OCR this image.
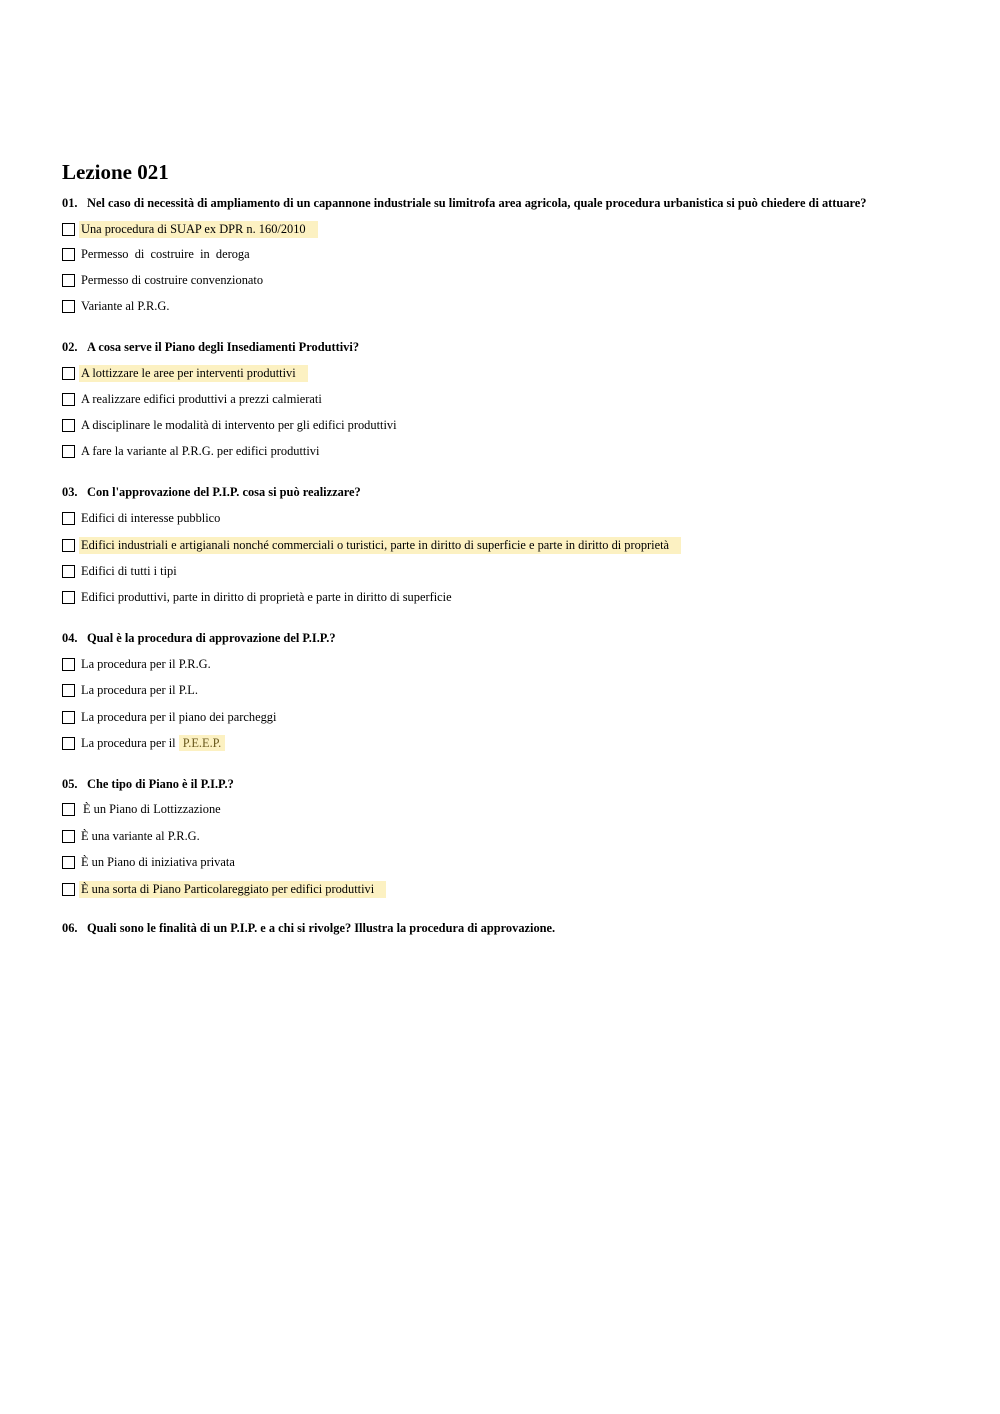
Lezione 021
01. Nel caso di necessità di ampliamento di un capannone industriale su limitrofa area agricola, quale procedura urbanistica si può chiedere di attuare?
Una procedura di SUAP ex DPR n. 160/2010
Permesso  di  costruire  in  deroga
Permesso di costruire convenzionato
Variante al P.R.G.
02. A cosa serve il Piano degli Insediamenti Produttivi?
A lottizzare le aree per interventi produttivi
A realizzare edifici produttivi a prezzi calmierati
A disciplinare le modalità di intervento per gli edifici produttivi
A fare la variante al P.R.G. per edifici produttivi
03. Con l'approvazione del P.I.P. cosa si può realizzare?
Edifici di interesse pubblico
Edifici industriali e artigianali nonché commerciali o turistici, parte in diritto di superficie e parte in diritto di proprietà
Edifici di tutti i tipi
Edifici produttivi, parte in diritto di proprietà e parte in diritto di superficie
04. Qual è la procedura di approvazione del P.I.P.?
La procedura per il P.R.G.
La procedura per il P.L.
La procedura per il piano dei parcheggi
La procedura per il P.E.E.P.
05. Che tipo di Piano è il P.I.P.?
È un Piano di Lottizzazione
È una variante al P.R.G.
È un Piano di iniziativa privata
È una sorta di Piano Particolareggiato per edifici produttivi
06. Quali sono le finalità di un P.I.P. e a chi si rivolge? Illustra la procedura di approvazione.
